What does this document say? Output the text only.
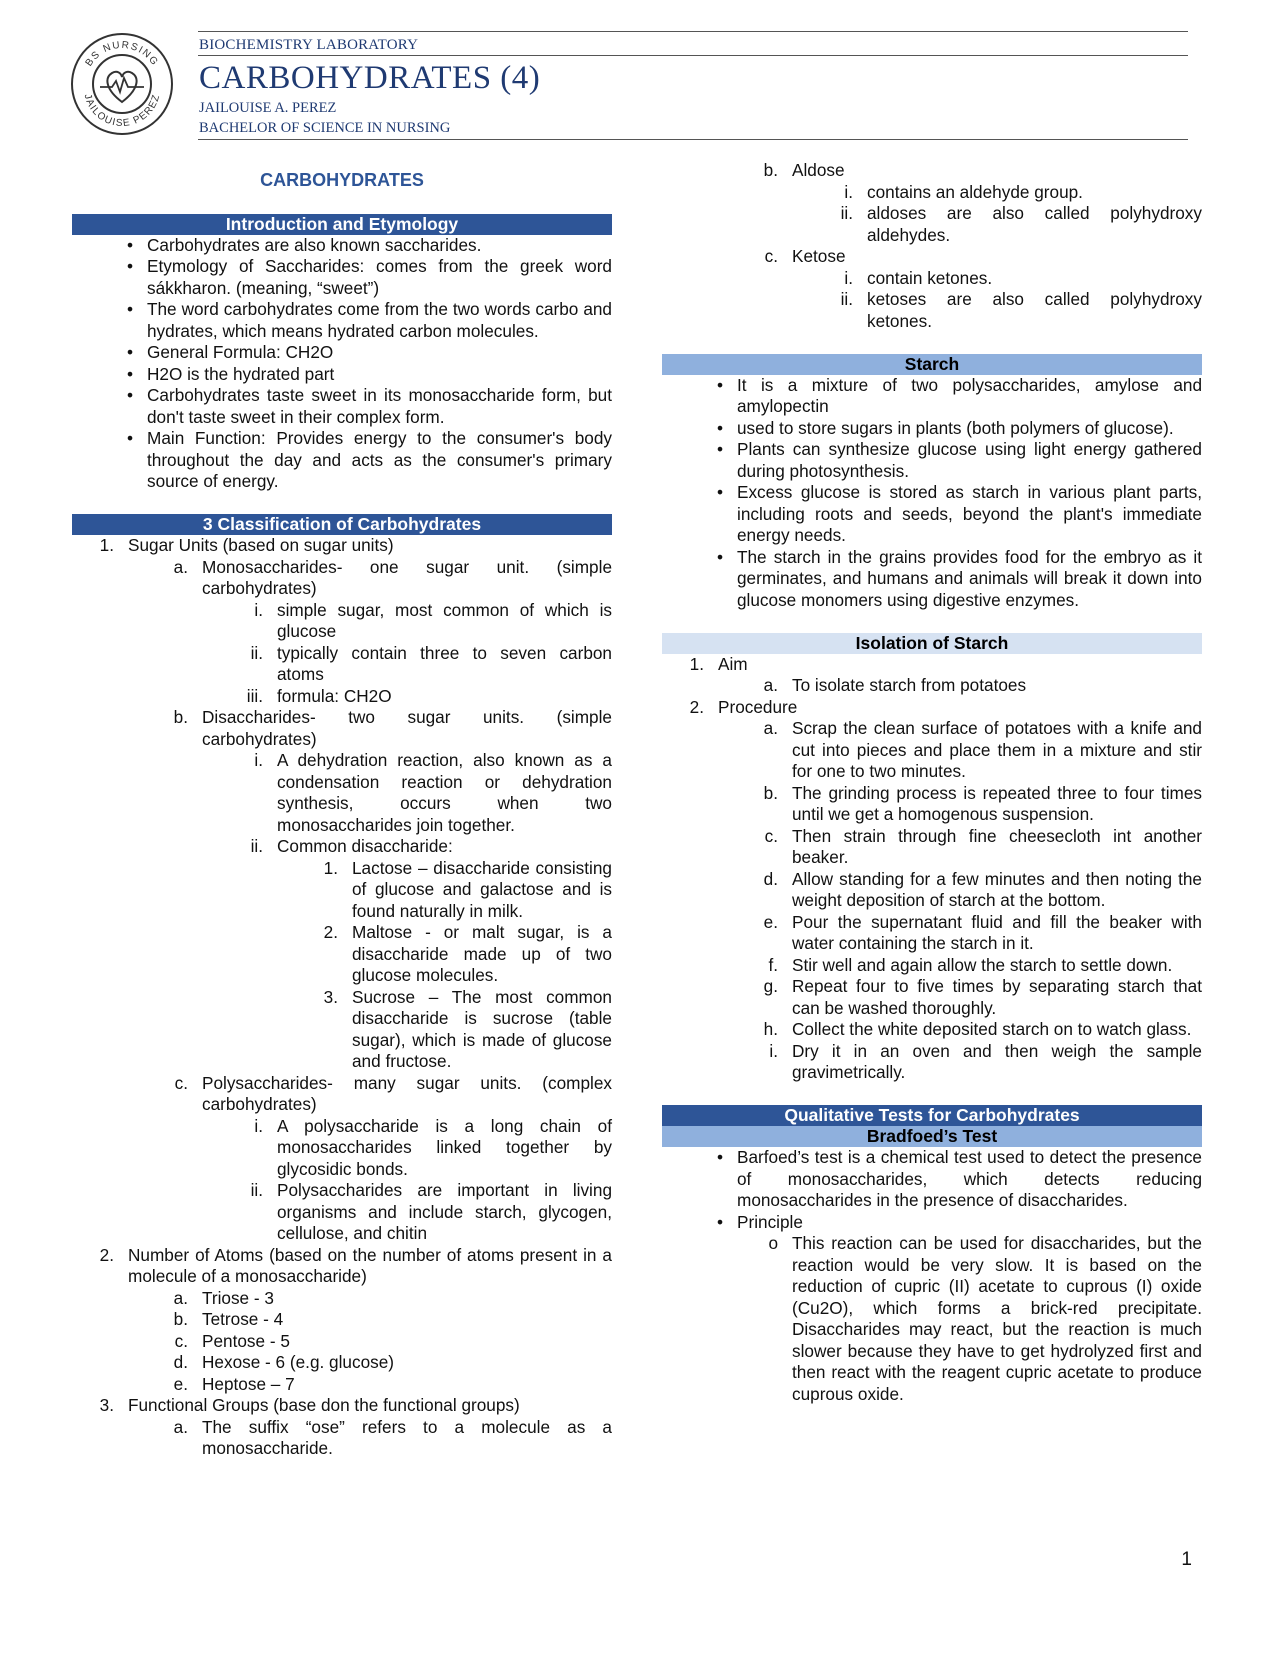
BS NURSING
JAILOUISE PEREZ
BIOCHEMISTRY LABORATORY
CARBOHYDRATES (4)
JAILOUISE A. PEREZ
BACHELOR OF SCIENCE IN NURSING
CARBOHYDRATES
Introduction and Etymology
• Carbohydrates are also known saccharides.
• Etymology of Saccharides: comes from the greek word sákkharon. (meaning, “sweet”)
• The word carbohydrates come from the two words carbo and hydrates, which means hydrated carbon molecules.
• General Formula: CH2O
• H2O is the hydrated part
• Carbohydrates taste sweet in its monosaccharide form, but don't taste sweet in their complex form.
• Main Function: Provides energy to the consumer's body throughout the day and acts as the consumer's primary source of energy.
3 Classification of Carbohydrates
1. Sugar Units (based on sugar units)
a. Monosaccharides- one sugar unit. (simple carbohydrates)
i. simple sugar, most common of which is glucose
ii. typically contain three to seven carbon atoms
iii. formula: CH2O
b. Disaccharides- two sugar units. (simple carbohydrates)
i. A dehydration reaction, also known as a condensation reaction or dehydration synthesis, occurs when two monosaccharides join together.
ii. Common disaccharide:
1. Lactose – disaccharide consisting of glucose and galactose and is found naturally in milk.
2. Maltose - or malt sugar, is a disaccharide made up of two glucose molecules.
3. Sucrose – The most common disaccharide is sucrose (table sugar), which is made of glucose and fructose.
c. Polysaccharides- many sugar units. (complex carbohydrates)
i. A polysaccharide is a long chain of monosaccharides linked together by glycosidic bonds.
ii. Polysaccharides are important in living organisms and include starch, glycogen, cellulose, and chitin
2. Number of Atoms (based on the number of atoms present in a molecule of a monosaccharide)
a. Triose - 3
b. Tetrose - 4
c. Pentose - 5
d. Hexose - 6 (e.g. glucose)
e. Heptose – 7
3. Functional Groups (base don the functional groups)
a. The suffix “ose” refers to a molecule as a monosaccharide.
b. Aldose
i. contains an aldehyde group.
ii. aldoses are also called polyhydroxy aldehydes.
c. Ketose
i. contain ketones.
ii. ketoses are also called polyhydroxy ketones.
Starch
• It is a mixture of two polysaccharides, amylose and amylopectin
• used to store sugars in plants (both polymers of glucose).
• Plants can synthesize glucose using light energy gathered during photosynthesis.
• Excess glucose is stored as starch in various plant parts, including roots and seeds, beyond the plant's immediate energy needs.
• The starch in the grains provides food for the embryo as it germinates, and humans and animals will break it down into glucose monomers using digestive enzymes.
Isolation of Starch
1. Aim
a. To isolate starch from potatoes
2. Procedure
a. Scrap the clean surface of potatoes with a knife and cut into pieces and place them in a mixture and stir for one to two minutes.
b. The grinding process is repeated three to four times until we get a homogenous suspension.
c. Then strain through fine cheesecloth int another beaker.
d. Allow standing for a few minutes and then noting the weight deposition of starch at the bottom.
e. Pour the supernatant fluid and fill the beaker with water containing the starch in it.
f. Stir well and again allow the starch to settle down.
g. Repeat four to five times by separating starch that can be washed thoroughly.
h. Collect the white deposited starch on to watch glass.
i. Dry it in an oven and then weigh the sample gravimetrically.
Qualitative Tests for Carbohydrates
Bradfoed’s Test
• Barfoed’s test is a chemical test used to detect the presence of monosaccharides, which detects reducing monosaccharides in the presence of disaccharides.
• Principle
o This reaction can be used for disaccharides, but the reaction would be very slow. It is based on the reduction of cupric (II) acetate to cuprous (I) oxide (Cu2O), which forms a brick-red precipitate. Disaccharides may react, but the reaction is much slower because they have to get hydrolyzed first and then react with the reagent cupric acetate to produce cuprous oxide.
1
